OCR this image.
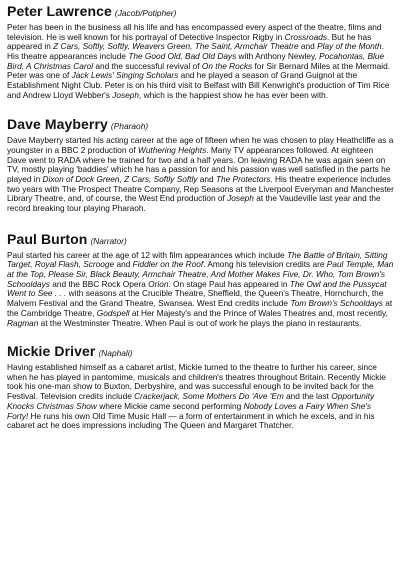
Peter Lawrence (Jacob/Potipher)

Peter has been in the business all his life and has encompassed every aspect of the theatre, films and television. He is well known for his portrayal of Detective Inspector Rigby in Crossroads. But he has appeared in Z Cars, Softly, Softly, Weavers Green, The Saint, Armchair Theatre and Play of the Month. His theatre appearances include The Good Old, Bad Old Days with Anthony Newley, Pocahontas, Blue Bird, A Christmas Carol and the successful revival of On the Rocks for Sir Bernard Miles at the Mermaid. Peter was one of Jack Lewis' Singing Scholars and he played a season of Grand Guignol at the Establishment Night Club. Peter is on his third visit to Belfast with Bill Kenwright's production of Tim Rice and Andrew Lloyd Webber's Joseph, which is the happiest show he has ever been with.

Dave Mayberry (Pharaoh)

Dave Mayberry started his acting career at the age of fifteen when he was chosen to play Heathcliffe as a youngster in a BBC 2 production of Wuthering Heights. Many TV appearances followed. At eighteen Dave went to RADA where he trained for two and a half years. On leaving RADA he was again seen on TV, mostly playing 'baddies' which he has a passion for and his passion was well satisfied in the parts he played in Dixon of Dock Green, Z Cars, Softly Softly and The Protectors. His theatre experience includes two years with The Prospect Theatre Company, Rep Seasons at the Liverpool Everyman and Manchester Library Theatre, and, of course, the West End production of Joseph at the Vaudeville last year and the record breaking tour playing Pharaoh.

Paul Burton (Narrator)

Paul started his career at the age of 12 with film appearances which include The Battle of Britain, Sitting Target, Royal Flash, Scrooge and Fiddler on the Roof. Among his television credits are Paul Temple, Man at the Top, Please Sir, Black Beauty, Armchair Theatre, And Mother Makes Five, Dr. Who, Tom Brown's Schooldays and the BBC Rock Opera Orion. On stage Paul has appeared in The Owl and the Pussycat Went to See . . . with seasons at the Crucible Theatre, Sheffield, the Queen's Theatre, Hornchurch, the Malvern Festival and the Grand Theatre, Swansea. West End credits include Tom Brown's Schooldays at the Cambridge Theatre, Godspell at Her Majesty's and the Prince of Wales Theatres and, most recently, Ragman at the Westminster Theatre. When Paul is out of work he plays the piano in restaurants.

Mickie Driver (Naphali)

Having established himself as a cabaret artist, Mickie turned to the theatre to further his career, since when he has played in pantomime, musicals and children's theatres throughout Britain. Recently Mickie took his one-man show to Buxton, Derbyshire, and was successful enough to be invited back for the Festival. Television credits include Crackerjack, Some Mothers Do 'Ave 'Em and the last Opportunity Knocks Christmas Show where Mickie came second performing Nobody Loves a Fairy When She's Forty! He runs his own Old Time Music Hall — a form of entertainment in which he excels, and in his cabaret act he does impressions including The Queen and Margaret Thatcher.
